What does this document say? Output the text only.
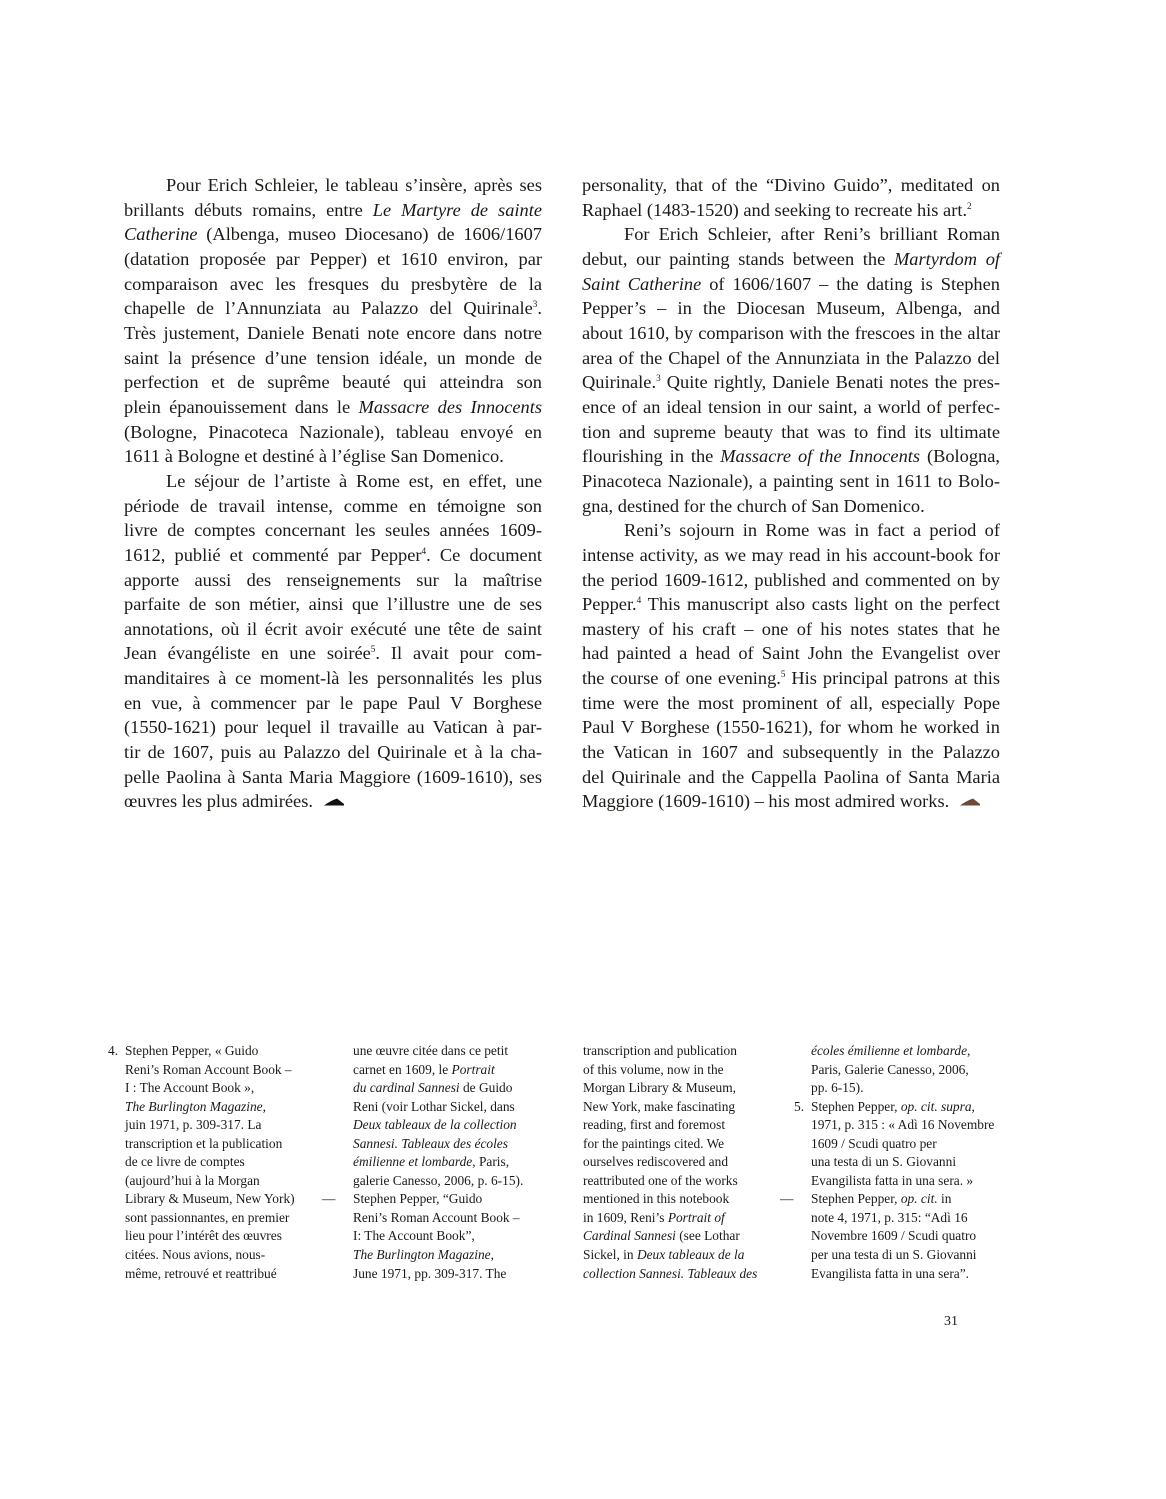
Pour Erich Schleier, le tableau s’insère, après ses
brillants débuts romains, entre Le Martyre de sainte
Catherine (Albenga, museo Diocesano) de 1606/1607
(datation proposée par Pepper) et 1610 environ, par
comparaison avec les fresques du presbytère de la
chapelle de l’Annunziata au Palazzo del Quirinale$^3$.
Très justement, Daniele Benati note encore dans notre
saint la présence d’une tension idéale, un monde de
perfection et de suprême beauté qui atteindra son
plein épanouissement dans le Massacre des Innocents
(Bologne, Pinacoteca Nazionale), tableau envoyé en
1611 à Bologne et destiné à l’église San Domenico.

Le séjour de l’artiste à Rome est, en effet, une
période de travail intense, comme en témoigne son
livre de comptes concernant les seules années 1609-
1612, publié et commenté par Pepper$^4$. Ce document
apporte aussi des renseignements sur la maîtrise
parfaite de son métier, ainsi que l’illustre une de ses
annotations, où il écrit avoir exécuté une tête de saint
Jean évangéliste en une soirée$^5$. Il avait pour com-
manditaires à ce moment-là les personnalités les plus
en vue, à commencer par le pape Paul V Borghese
(1550-1621) pour lequel il travaille au Vatican à par-
tir de 1607, puis au Palazzo del Quirinale et à la cha-
pelle Paolina à Santa Maria Maggiore (1609-1610), ses
œuvres les plus admirées.

personality, that of the “Divino Guido”, meditated on
Raphael (1483-1520) and seeking to recreate his art.$^2$

For Erich Schleier, after Reni’s brilliant Roman
debut, our painting stands between the Martyrdom of
Saint Catherine of 1606/1607 – the dating is Stephen
Pepper’s – in the Diocesan Museum, Albenga, and
about 1610, by comparison with the frescoes in the altar
area of the Chapel of the Annunziata in the Palazzo del
Quirinale.$^3$ Quite rightly, Daniele Benati notes the pres-
ence of an ideal tension in our saint, a world of perfec-
tion and supreme beauty that was to find its ultimate
flourishing in the Massacre of the Innocents (Bologna,
Pinacoteca Nazionale), a painting sent in 1611 to Bolo-
gna, destined for the church of San Domenico.

Reni’s sojourn in Rome was in fact a period of
intense activity, as we may read in his account-book for
the period 1609-1612, published and commented on by
Pepper.$^4$ This manuscript also casts light on the perfect
mastery of his craft – one of his notes states that he
had painted a head of Saint John the Evangelist over
the course of one evening.$^5$ His principal patrons at this
time were the most prominent of all, especially Pope
Paul V Borghese (1550-1621), for whom he worked in
the Vatican in 1607 and subsequently in the Palazzo
del Quirinale and the Cappella Paolina of Santa Maria
Maggiore (1609-1610) – his most admired works.

4. Stephen Pepper, « Guido
Reni’s Roman Account Book –
I : The Account Book »,
The Burlington Magazine,
juin 1971, p. 309-317. La
transcription et la publication
de ce livre de comptes
(aujourd’hui à la Morgan
Library & Museum, New York)
sont passionnantes, en premier
lieu pour l’intérêt des œuvres
citées. Nous avions, nous-
même, retrouvé et reattribué
une œuvre citée dans ce petit
carnet en 1609, le Portrait
du cardinal Sannesi de Guido
Reni (voir Lothar Sickel, dans
Deux tableaux de la collection
Sannesi. Tableaux des écoles
émilienne et lombarde, Paris,
galerie Canesso, 2006, p. 6-15).
— Stephen Pepper, “Guido
Reni’s Roman Account Book –
I: The Account Book”,
The Burlington Magazine,
June 1971, pp. 309-317. The
transcription and publication
of this volume, now in the
Morgan Library & Museum,
New York, make fascinating
reading, first and foremost
for the paintings cited. We
ourselves rediscovered and
reattributed one of the works
mentioned in this notebook
in 1609, Reni’s Portrait of
Cardinal Sannesi (see Lothar
Sickel, in Deux tableaux de la
collection Sannesi. Tableaux des
écoles émilienne et lombarde,
Paris, Galerie Canesso, 2006,
pp. 6-15).
5. Stephen Pepper, op. cit. supra,
1971, p. 315 : « Adì 16 Novembre
1609 / Scudi quatro per
una testa di un S. Giovanni
Evangilista fatta in una sera. »
— Stephen Pepper, op. cit. in
note 4, 1971, p. 315: “Adì 16
Novembre 1609 / Scudi quatro
per una testa di un S. Giovanni
Evangilista fatta in una sera”.
31
